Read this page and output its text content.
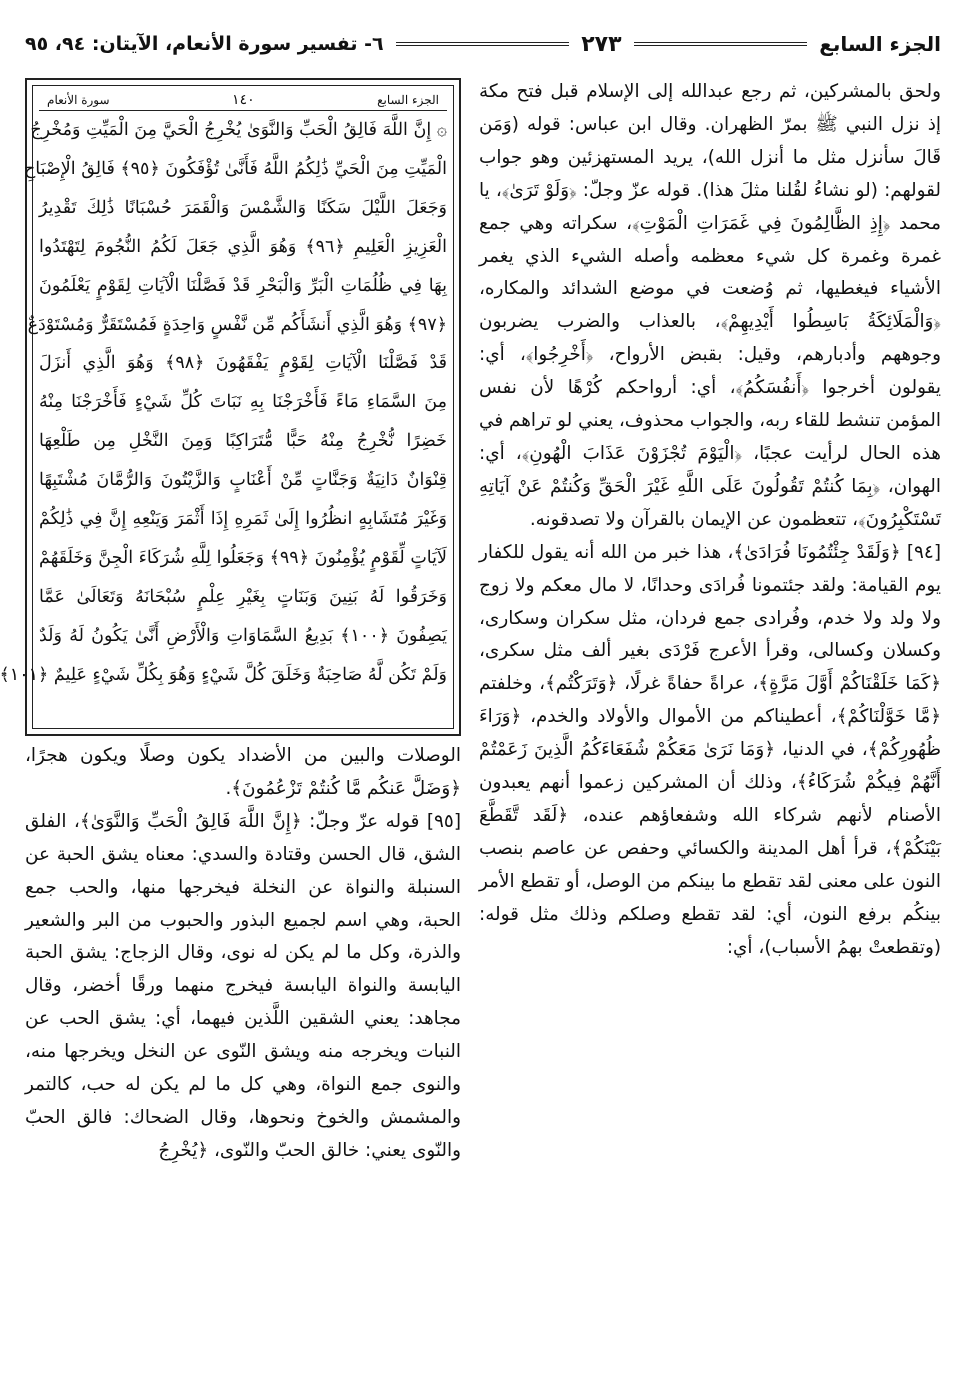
الجزء السابع
٢٧٣
٦- تفسير سورة الأنعام، الآيتان: ٩٤، ٩٥

ولحق بالمشركين، ثم رجع عبدالله إلى الإسلام قبل فتح مكة إذ نزل النبي ﷺ بمرّ الظهران. وقال ابن عباس: قوله (وَمَن قَالَ سأنزل مثل ما أنزل الله)، يريد المستهزئين وهو جواب لقولهم: (لو نشاءُ لقُلنا مثلَ هذا). قوله عزّ وجلّ: ﴿وَلَوْ تَرَىٰ﴾، يا محمد ﴿إِذِ الظَّالِمُونَ فِي غَمَرَاتِ الْمَوْتِ﴾، سكراته وهي جمع غمرة وغمرة كل شيء معظمه وأصله الشيء الذي يغمر الأشياء فيغطيها، ثم وُضعت في موضع الشدائد والمكاره، ﴿وَالْمَلَائِكَةُ بَاسِطُوا أَيْدِيهِمْ﴾، بالعذاب والضرب يضربون وجوههم وأدبارهم، وقيل: بقبض الأرواح، ﴿أَخْرِجُوا﴾، أي: يقولون أخرجوا ﴿أَنفُسَكُمُ﴾، أي: أرواحكم كُرْهًا لأن نفس المؤمن تنشط للقاء ربه، والجواب محذوف، يعني لو تراهم في هذه الحال لرأيت عجبًا، ﴿الْيَوْمَ تُجْزَوْنَ عَذَابَ الْهُونِ﴾، أي: الهوان، ﴿بِمَا كُنتُمْ تَقُولُونَ عَلَى اللَّهِ غَيْرَ الْحَقِّ وَكُنتُمْ عَنْ آيَاتِهِ تَسْتَكْبِرُونَ﴾، تتعظمون عن الإيمان بالقرآن ولا تصدقونه.

[٩٤] ﴿وَلَقَدْ جِئْتُمُونَا فُرَادَىٰ﴾، هذا خبر من الله أنه يقول للكفار يوم القيامة: ولقد جئتمونا فُرادَى وحدانًا، لا مال معكم ولا زوج ولا ولد ولا خدم، وفُرادى جمع فردان، مثل سكران وسكارى، وكسلان وكسالى، وقرأ الأعرج فَرْدَى بغير ألف مثل سكرى، ﴿كَمَا خَلَقْنَاكُمْ أَوَّلَ مَرَّةٍ﴾، عراةً حفاةً غرلًا، ﴿وَتَرَكْتُم﴾، وخلفتم ﴿مَّا خَوَّلْنَاكُمْ﴾، أعطيناكم من الأموال والأولاد والخدم، ﴿وَرَاءَ ظُهُورِكُمْ﴾، في الدنيا، ﴿وَمَا نَرَىٰ مَعَكُمْ شُفَعَاءَكُمُ الَّذِينَ زَعَمْتُمْ أَنَّهُمْ فِيكُمْ شُرَكَاءُ﴾، وذلك أن المشركين زعموا أنهم يعبدون الأصنام لأنهم شركاء الله وشفعاؤهم عنده، ﴿لَقَد تَّقَطَّعَ بَيْنَكُمْ﴾، قرأ أهل المدينة والكسائي وحفص عن عاصم بنصب النون على معنى لقد تقطع ما بينكم من الوصل، أو تقطع الأمر بينكُم برفع النون، أي: لقد تقطع وصلكم وذلك مثل قوله: (وتقطعتْ بهمُ الأسباب)، أي:

الجزء السابع
١٤٠
سورة الأنعام
۞ إِنَّ اللَّهَ فَالِقُ الْحَبِّ وَالنَّوَىٰ يُخْرِجُ الْحَيَّ مِنَ الْمَيِّتِ وَمُخْرِجُ
الْمَيِّتِ مِنَ الْحَيِّ ذَٰلِكُمُ اللَّهُ فَأَنَّىٰ تُؤْفَكُونَ ﴿٩٥﴾ فَالِقُ الْإِصْبَاحِ
وَجَعَلَ اللَّيْلَ سَكَنًا وَالشَّمْسَ وَالْقَمَرَ حُسْبَانًا ذَٰلِكَ تَقْدِيرُ
الْعَزِيزِ الْعَلِيمِ ﴿٩٦﴾ وَهُوَ الَّذِي جَعَلَ لَكُمُ النُّجُومَ لِتَهْتَدُوا
بِهَا فِي ظُلُمَاتِ الْبَرِّ وَالْبَحْرِ قَدْ فَصَّلْنَا الْآيَاتِ لِقَوْمٍ يَعْلَمُونَ
﴿٩٧﴾ وَهُوَ الَّذِي أَنشَأَكُم مِّن نَّفْسٍ وَاحِدَةٍ فَمُسْتَقَرٌّ وَمُسْتَوْدَعٌ
قَدْ فَصَّلْنَا الْآيَاتِ لِقَوْمٍ يَفْقَهُونَ ﴿٩٨﴾ وَهُوَ الَّذِي أَنزَلَ
مِنَ السَّمَاءِ مَاءً فَأَخْرَجْنَا بِهِ نَبَاتَ كُلِّ شَيْءٍ فَأَخْرَجْنَا مِنْهُ
خَضِرًا نُّخْرِجُ مِنْهُ حَبًّا مُّتَرَاكِبًا وَمِنَ النَّخْلِ مِن طَلْعِهَا
قِنْوَانٌ دَانِيَةٌ وَجَنَّاتٍ مِّنْ أَعْنَابٍ وَالزَّيْتُونَ وَالرُّمَّانَ مُشْتَبِهًا
وَغَيْرَ مُتَشَابِهٍ انظُرُوا إِلَىٰ ثَمَرِهِ إِذَا أَثْمَرَ وَيَنْعِهِ إِنَّ فِي ذَٰلِكُمْ
لَآيَاتٍ لِّقَوْمٍ يُؤْمِنُونَ ﴿٩٩﴾ وَجَعَلُوا لِلَّهِ شُرَكَاءَ الْجِنَّ وَخَلَقَهُمْ
وَخَرَقُوا لَهُ بَنِينَ وَبَنَاتٍ بِغَيْرِ عِلْمٍ سُبْحَانَهُ وَتَعَالَىٰ عَمَّا
يَصِفُونَ ﴿١٠٠﴾ بَدِيعُ السَّمَاوَاتِ وَالْأَرْضِ أَنَّىٰ يَكُونُ لَهُ وَلَدٌ
وَلَمْ تَكُن لَّهُ صَاحِبَةٌ وَخَلَقَ كُلَّ شَيْءٍ وَهُوَ بِكُلِّ شَيْءٍ عَلِيمٌ ﴿١٠١﴾

الوصلات والبين من الأضداد يكون وصلًا ويكون هجرًا، ﴿وَضَلَّ عَنكُم مَّا كُنتُمْ تَزْعُمُونَ﴾.

[٩٥] قوله عزّ وجلّ: ﴿إِنَّ اللَّهَ فَالِقُ الْحَبِّ وَالنَّوَىٰ﴾، الفلق الشق، قال الحسن وقتادة والسدي: معناه يشق الحبة عن السنبلة والنواة عن النخلة فيخرجها منها، والحب جمع الحبة، وهي اسم لجميع البذور والحبوب من البر والشعير والذرة، وكل ما لم يكن له نوى، وقال الزجاج: يشق الحبة اليابسة والنواة اليابسة فيخرج منهما ورقًا أخضر، وقال مجاهد: يعني الشقين اللَّذين فيهما، أي: يشق الحب عن النبات ويخرجه منه ويشق النّوى عن النخل ويخرجها منه، والنوى جمع النواة، وهي كل ما لم يكن له حب، كالتمر والمشمش والخوخ ونحوها، وقال الضحاك: فالق الحبّ والنّوى يعني: خالق الحبّ والنّوى، ﴿يُخْرِجُ
